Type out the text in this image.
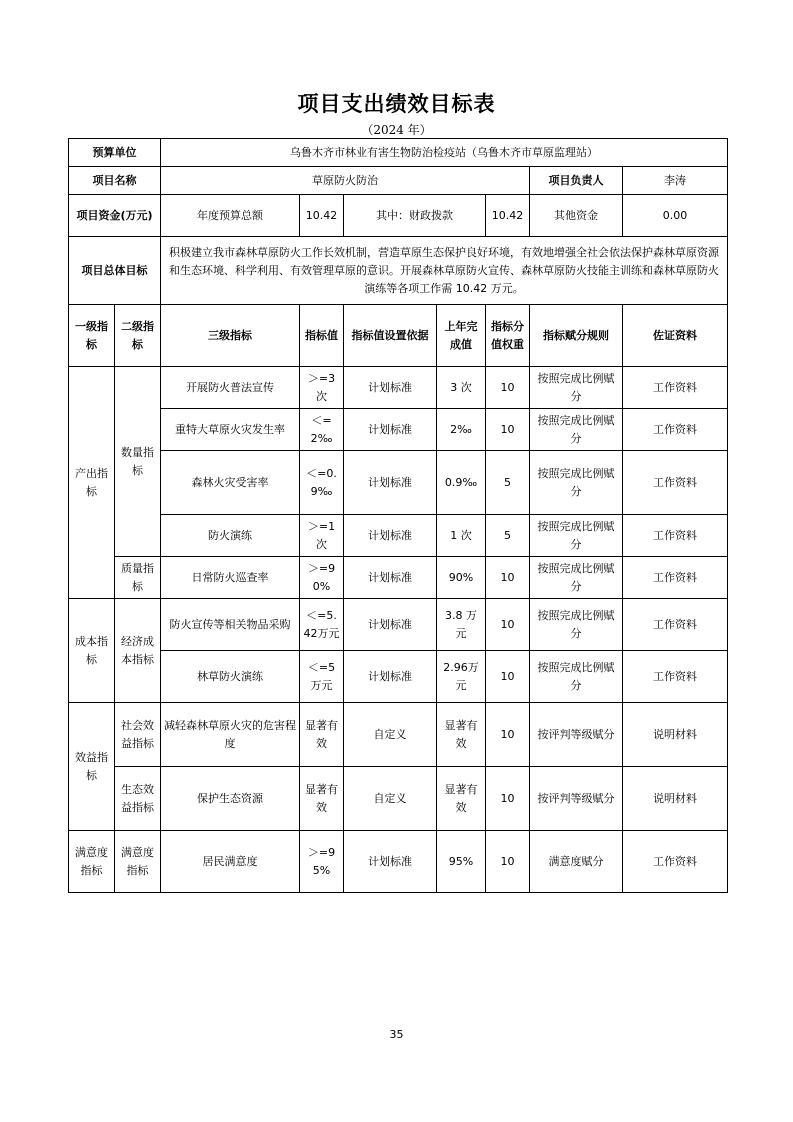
项目支出绩效目标表
（2024 年）
预算单位		乌鲁木齐市林业有害生物防治检疫站（乌鲁木齐市草原监理站）						
项目名称		草原防火防治					项目负责人	李涛
项目资金(万元)		年度预算总额	10.42	其中：财政拨款		10.42	其他资金	0.00
项目总体目标		积极建立我市森林草原防火工作长效机制，营造草原生态保护良好环境，有效地增强全社会依法保护森林草原资源和生态环境、科学利用、有效管理草原的意识。开展森林草原防火宣传、森林草原防火技能主训练和森林草原防火演练等各项工作需 10.42 万元。						
一级指标	二级指标	三级指标	指标值	指标值设置依据	上年完成值	指标分值权重	指标赋分规则	佐证资料
产出指标	数量指标	开展防火普法宣传	＞=3次	计划标准	3 次	10	按照完成比例赋分	工作资料
		重特大草原火灾发生率	＜=2‰	计划标准	2‰	10	按照完成比例赋分	工作资料
		森林火灾受害率	＜=0.9‰	计划标准	0.9‰	5	按照完成比例赋分	工作资料
		防火演练	＞=1次	计划标准	1 次	5	按照完成比例赋分	工作资料
	质量指标	日常防火巡查率	＞=90%	计划标准	90%	10	按照完成比例赋分	工作资料
成本指标	经济成本指标	防火宣传等相关物品采购	＜=5.42万元	计划标准	3.8 万元	10	按照完成比例赋分	工作资料
		林草防火演练	＜=5万元	计划标准	2.96万元	10	按照完成比例赋分	工作资料
效益指标	社会效益指标	减轻森林草原火灾的危害程度	显著有效	自定义	显著有效	10	按评判等级赋分	说明材料
	生态效益指标	保护生态资源	显著有效	自定义	显著有效	10	按评判等级赋分	说明材料
满意度指标	满意度指标	居民满意度	＞=95%	计划标准	95%	10	满意度赋分	工作资料
35
